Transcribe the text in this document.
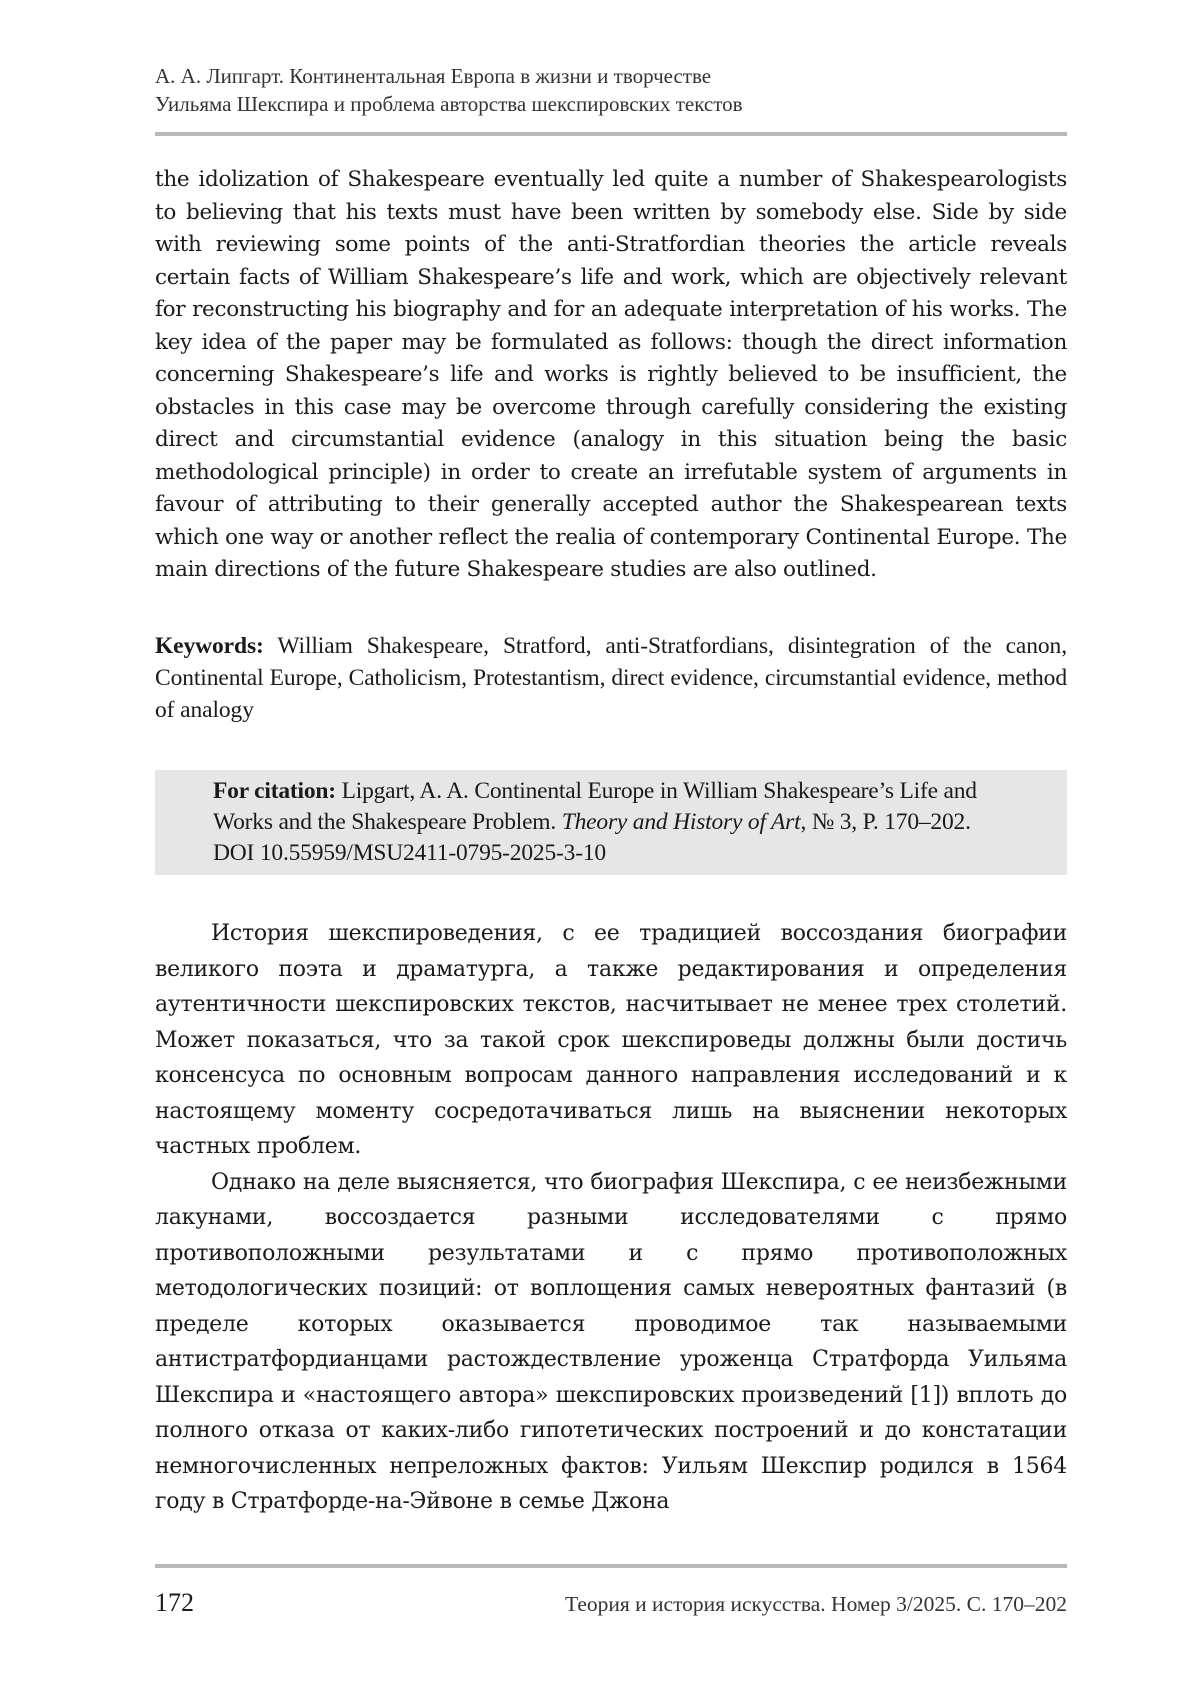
А. А. Липгарт. Континентальная Европа в жизни и творчестве
Уильяма Шекспира и проблема авторства шекспировских текстов
the idolization of Shakespeare eventually led quite a number of Shakespearologists to believing that his texts must have been written by somebody else. Side by side with reviewing some points of the anti-Stratfordian theories the article reveals certain facts of William Shakespeare’s life and work, which are objectively relevant for reconstructing his biography and for an adequate interpretation of his works. The key idea of the paper may be formulated as follows: though the direct information concerning Shakespeare’s life and works is rightly believed to be insufficient, the obstacles in this case may be overcome through carefully considering the existing direct and circumstantial evidence (analogy in this situation being the basic methodological principle) in order to create an irrefutable system of arguments in favour of attributing to their generally accepted author the Shakespearean texts which one way or another reflect the realia of contemporary Continental Europe. The main directions of the future Shakespeare studies are also outlined.
Keywords: William Shakespeare, Stratford, anti-Stratfordians, disintegration of the canon, Continental Europe, Catholicism, Protestantism, direct evidence, circumstantial evidence, method of analogy
For citation: Lipgart, A. A. Continental Europe in William Shakespeare’s Life and Works and the Shakespeare Problem. Theory and History of Art, № 3, P. 170–202. DOI 10.55959/MSU2411-0795-2025-3-10

История шекспироведения, с ее традицией воссоздания биографии великого поэта и драматурга, а также редактирования и определения аутентичности шекспировских текстов, насчитывает не менее трех столетий. Может показаться, что за такой срок шекспироведы должны были достичь консенсуса по основным вопросам данного направления исследований и к настоящему моменту сосредотачиваться лишь на выяснении некоторых частных проблем.

Однако на деле выясняется, что биография Шекспира, с ее неизбежными лакунами, воссоздается разными исследователями с прямо противоположными результатами и с прямо противоположных методологических позиций: от воплощения самых невероятных фантазий (в пределе которых оказывается проводимое так называемыми антистратфордианцами растождествление уроженца Стратфорда Уильяма Шекспира и «настоящего автора» шекспировских произведений [1]) вплоть до полного отказа от каких-либо гипотетических построений и до констатации немногочисленных непреложных фактов: Уильям Шекспир родился в 1564 году в Стратфорде-на-Эйвоне в семье Джона

172	Теория и история искусства. Номер 3/2025. С. 170–202
